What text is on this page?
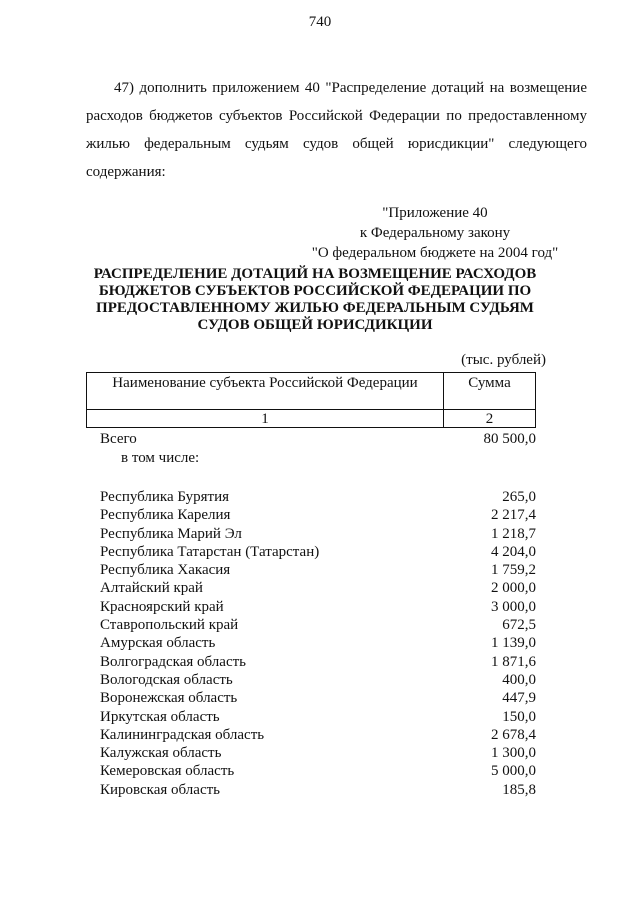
740
47) дополнить приложением 40 "Распределение дотаций на возмещение
расходов бюджетов субъектов Российской Федерации по предоставленному
жилью федеральным судьям судов общей юрисдикции" следующего
содержания:
"Приложение 40
к Федеральному закону
"О федеральном бюджете на 2004 год"
РАСПРЕДЕЛЕНИЕ ДОТАЦИЙ НА ВОЗМЕЩЕНИЕ РАСХОДОВ
БЮДЖЕТОВ СУБЪЕКТОВ РОССИЙСКОЙ ФЕДЕРАЦИИ ПО
ПРЕДОСТАВЛЕННОМУ ЖИЛЬЮ ФЕДЕРАЛЬНЫМ СУДЬЯМ
СУДОВ ОБЩЕЙ ЮРИСДИКЦИИ
(тыс. рублей)
Наименование субъекта Российской Федерации	Сумма
1	2
Всего	80 500,0
в том числе:
Республика Бурятия	265,0
Республика Карелия	2 217,4
Республика Марий Эл	1 218,7
Республика Татарстан (Татарстан)	4 204,0
Республика Хакасия	1 759,2
Алтайский край	2 000,0
Красноярский край	3 000,0
Ставропольский край	672,5
Амурская область	1 139,0
Волгоградская область	1 871,6
Вологодская область	400,0
Воронежская область	447,9
Иркутская область	150,0
Калининградская область	2 678,4
Калужская область	1 300,0
Кемеровская область	5 000,0
Кировская область	185,8
